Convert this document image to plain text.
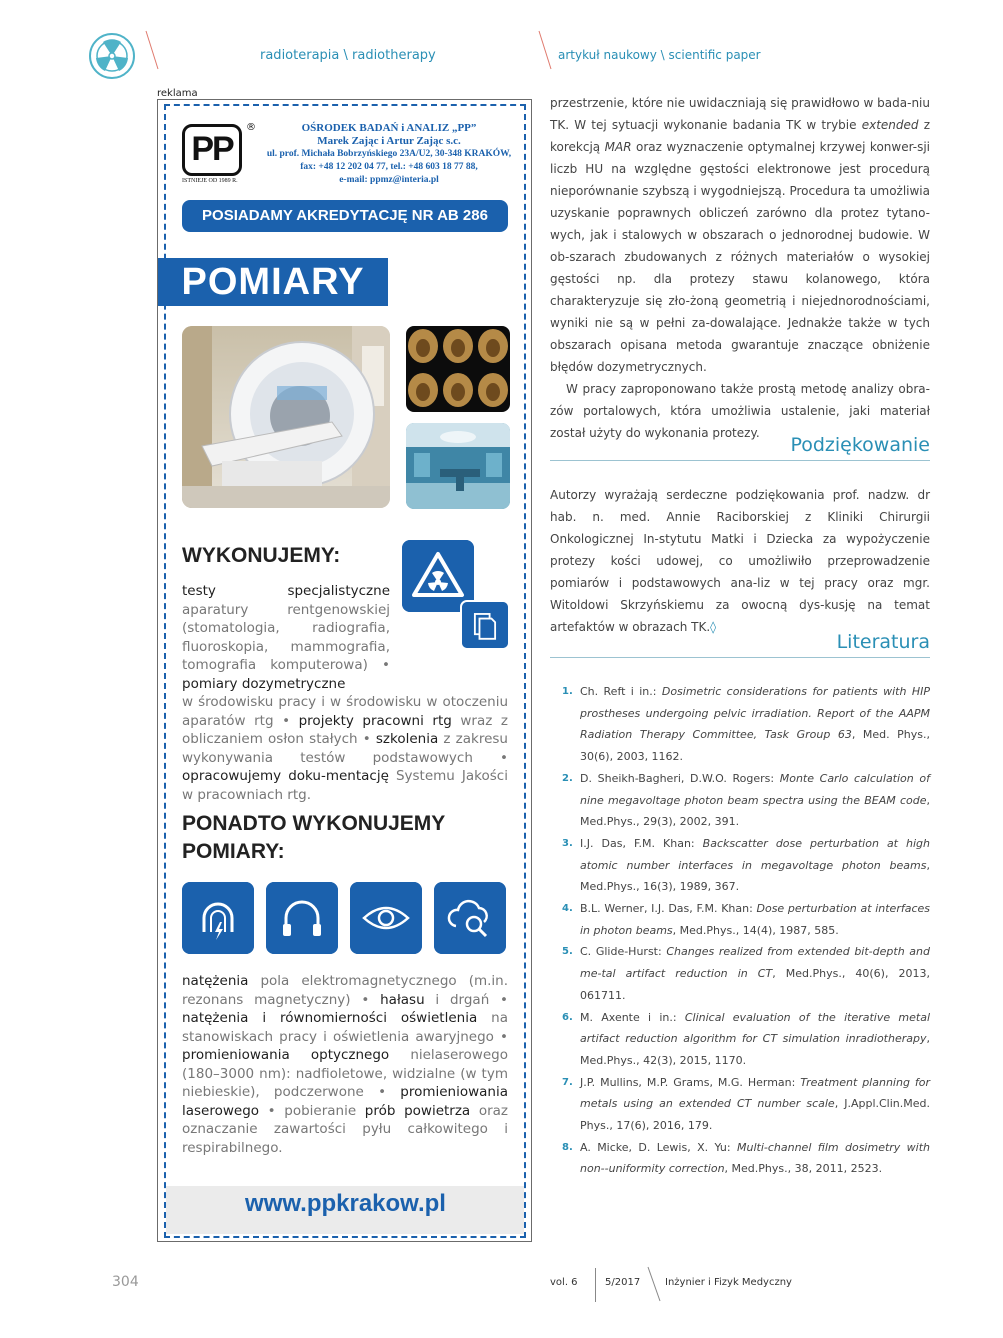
radioterapia \ radiotherapy	artykuł naukowy \ scientific paper
reklama
PP
®
ISTNIEJE OD 1989 R.
OŚRODEK BADAŃ i ANALIZ „PP”
Marek Zając i Artur Zając s.c.
ul. prof. Michała Bobrzyńskiego 23A/U2, 30-348 KRAKÓW,
fax: +48 12 202 04 77, tel.: +48 603 18 77 88,
e-mail: ppmz@interia.pl
POSIADAMY AKREDYTACJĘ NR AB 286
POMIARY
WYKONUJEMY:
testy specjalistyczne aparatury rentgenowskiej (stomatologia, radiografia, fluoroskopia, mammografia, tomografia komputerowa) • pomiary dozymetryczne
w środowisku pracy i w środowisku w otoczeniu aparatów rtg • projekty pracowni rtg wraz z obliczaniem osłon stałych • szkolenia z zakresu wykonywania testów podstawowych • opracowujemy doku-mentację Systemu Jakości w pracowniach rtg.
PONADTO WYKONUJEMY POMIARY:
natężenia pola elektromagnetycznego (m.in. rezonans magnetyczny) • hałasu i drgań • natężenia i równomierności oświetlenia na stanowiskach pracy i oświetlenia awaryjnego • promieniowania optycznego nielaserowego (180–3000 nm): nadfioletowe, widzialne (w tym niebieskie), podczerwone • promieniowania laserowego • pobieranie prób powietrza oraz oznaczanie zawartości pyłu całkowitego i respirabilnego.
www.ppkrakow.pl

przestrzenie, które nie uwidaczniają się prawidłowo w bada-niu TK. W tej sytuacji wykonanie badania TK w trybie extended z korekcją MAR oraz wyznaczenie optymalnej krzywej konwer-sji liczb HU na względne gęstości elektronowe jest procedurą nieporównanie szybszą i wygodniejszą. Procedura ta umożliwia uzyskanie poprawnych obliczeń zarówno dla protez tytano-wych, jak i stalowych w obszarach o jednorodnej budowie. W ob-szarach zbudowanych z różnych materiałów o wysokiej gęstości np. dla protezy stawu kolanowego, która charakteryzuje się zło-żoną geometrią i niejednorodnościami, wyniki nie są w pełni za-dowalające. Jednakże także w tych obszarach opisana metoda gwarantuje znaczące obniżenie błędów dozymetrycznych.

W pracy zaproponowano także prostą metodę analizy obra-zów portalowych, która umożliwia ustalenie, jaki materiał został użyty do wykonania protezy.

Podziękowanie
Autorzy wyrażają serdeczne podziękowania prof. nadzw. dr hab. n. med. Annie Raciborskiej z Kliniki Chirurgii Onkologicznej In-stytutu Matki i Dziecka za wypożyczenie protezy kości udowej, co umożliwiło przeprowadzenie pomiarów i podstawowych ana-liz w tej pracy oraz mgr. Witoldowi Skrzyńskiemu za owocną dys-kusję na temat artefaktów w obrazach TK.◊
Literatura
1. Ch. Reft i in.: Dosimetric considerations for patients with HIP prostheses undergoing pelvic irradiation. Report of the AAPM Radiation Therapy Committee, Task Group 63, Med. Phys., 30(6), 2003, 1162.
2. D. Sheikh-Bagheri, D.W.O. Rogers: Monte Carlo calculation of nine megavoltage photon beam spectra using the BEAM code, Med.Phys., 29(3), 2002, 391.
3. I.J. Das, F.M. Khan: Backscatter dose perturbation at high atomic number interfaces in megavoltage photon beams, Med.Phys., 16(3), 1989, 367.
4. B.L. Werner, I.J. Das, F.M. Khan: Dose perturbation at interfaces in photon beams, Med.Phys., 14(4), 1987, 585.
5. C. Glide-Hurst: Changes realized from extended bit-depth and me-tal artifact reduction in CT, Med.Phys., 40(6), 2013, 061711.
6. M. Axente i in.: Clinical evaluation of the iterative metal artifact reduction algorithm for CT simulation inradiotherapy, Med.Phys., 42(3), 2015, 1170.
7. J.P. Mullins, M.P. Grams, M.G. Herman: Treatment planning for metals using an extended CT number scale, J.Appl.Clin.Med. Phys., 17(6), 2016, 179.
8. A. Micke, D. Lewis, X. Yu: Multi-channel film dosimetry with non--uniformity correction, Med.Phys., 38, 2011, 2523.
304	vol. 6	5/2017 Inżynier i Fizyk Medyczny
